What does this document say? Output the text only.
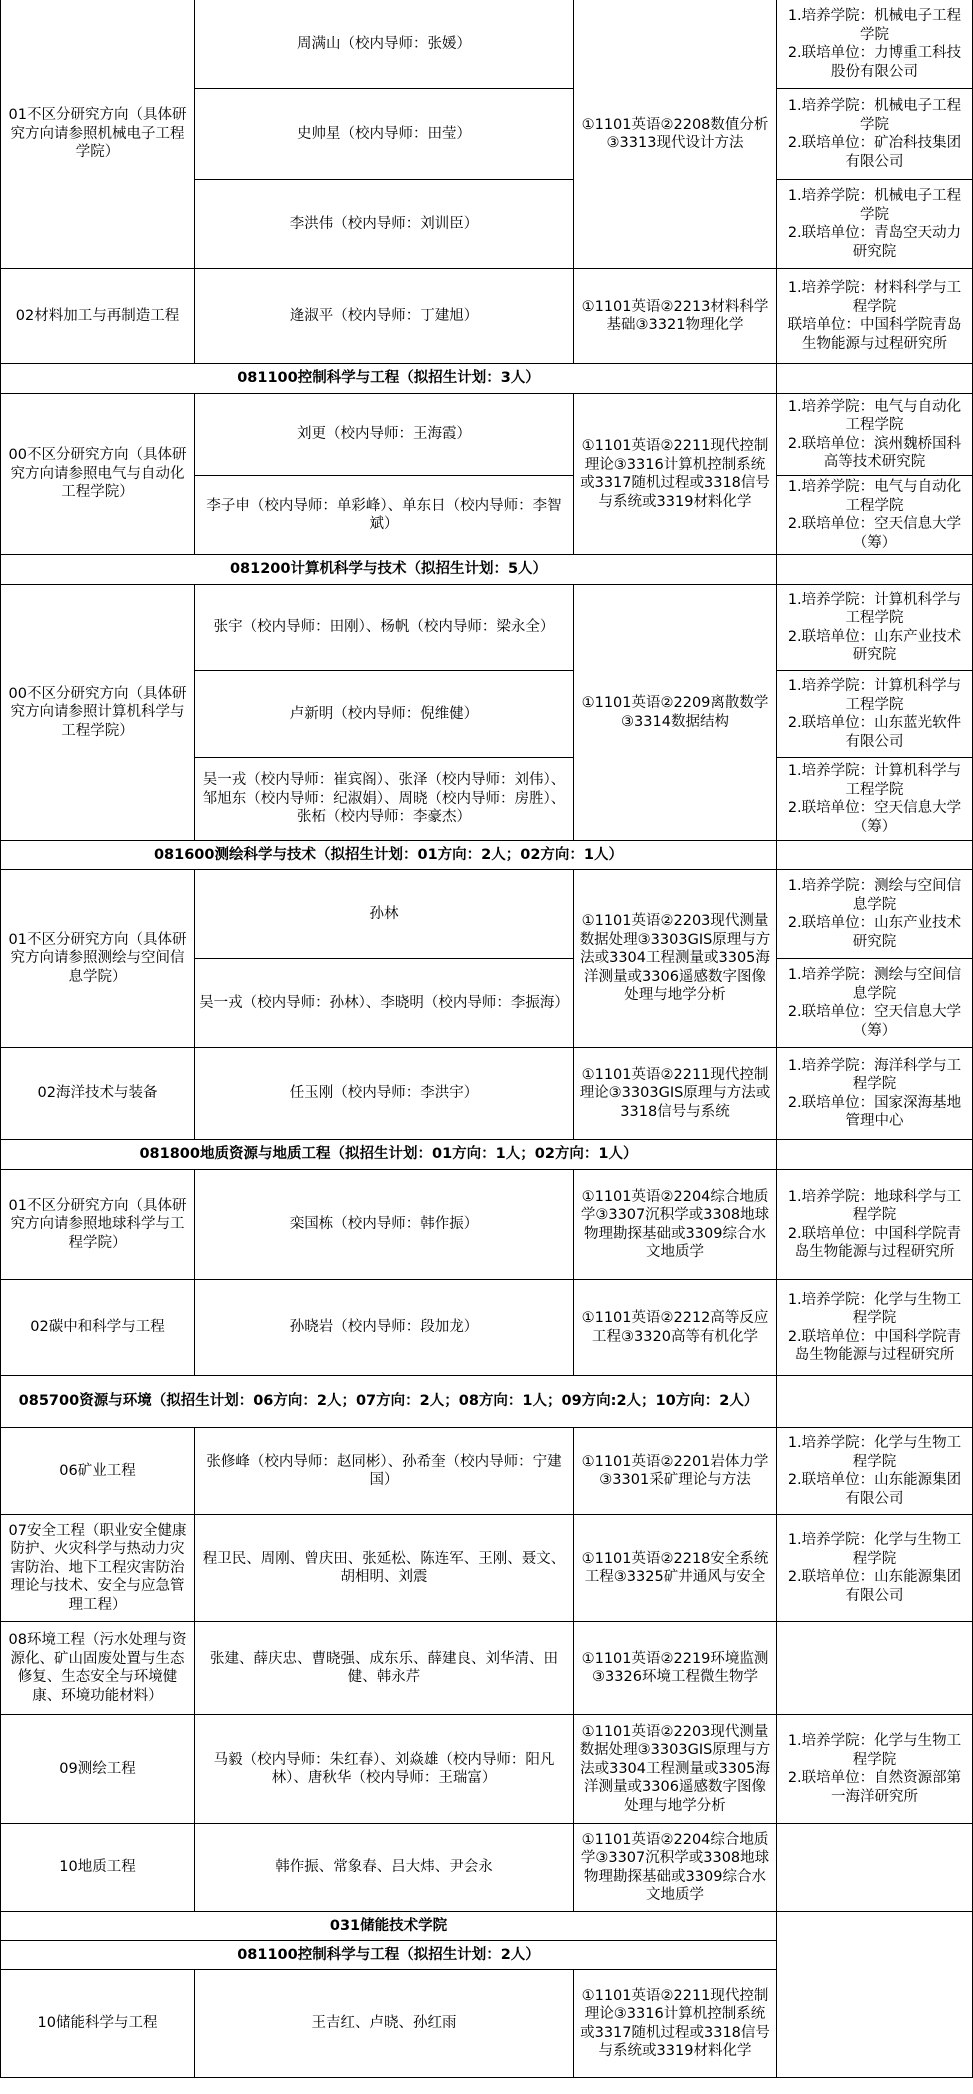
01不区分研究方向（具体研究方向请参照机械电子工程学院）	周满山（校内导师：张媛）	①1101英语②2208数值分析③3313现代设计方法	1.培养学院：机械电子工程学院
2.联培单位：力博重工科技股份有限公司

	史帅星（校内导师：田莹）		1.培养学院：机械电子工程学院
2.联培单位：矿冶科技集团有限公司

	李洪伟（校内导师：刘训臣）		1.培养学院：机械电子工程学院
2.联培单位：青岛空天动力研究院

02材料加工与再制造工程	逄淑平（校内导师：丁建旭）	①1101英语②2213材料科学基础③3321物理化学	1.培养学院：材料科学与工程学院
联培单位：中国科学院青岛生物能源与过程研究所

081100控制科学与工程（拟招生计划：3人）			
00不区分研究方向（具体研究方向请参照电气与自动化工程学院）	刘更（校内导师：王海霞）	①1101英语②2211现代控制理论③3316计算机控制系统或3317随机过程或3318信号与系统或3319材料化学	1.培养学院：电气与自动化工程学院
2.联培单位：滨州魏桥国科高等技术研究院

	李子申（校内导师：单彩峰）、单东日（校内导师：李智斌）		1.培养学院：电气与自动化工程学院
2.联培单位：空天信息大学（筹）

081200计算机科学与技术（拟招生计划：5人）			
00不区分研究方向（具体研究方向请参照计算机科学与工程学院）	张宇（校内导师：田刚）、杨帆（校内导师：梁永全）	①1101英语②2209离散数学③3314数据结构	1.培养学院：计算机科学与工程学院
2.联培单位：山东产业技术研究院

	卢新明（校内导师：倪维健）		1.培养学院：计算机科学与工程学院
2.联培单位：山东蓝光软件有限公司

	吴一戎（校内导师：崔宾阁）、张泽（校内导师：刘伟）、邹旭东（校内导师：纪淑娟）、周晓（校内导师：房胜）、张柘（校内导师：李豪杰）		1.培养学院：计算机科学与工程学院
2.联培单位：空天信息大学（筹）

081600测绘科学与技术（拟招生计划：01方向：2人；02方向：1人）			
01不区分研究方向（具体研究方向请参照测绘与空间信息学院）	孙林	①1101英语②2203现代测量数据处理③3303GIS原理与方法或3304工程测量或3305海洋测量或3306遥感数字图像处理与地学分析	1.培养学院：测绘与空间信息学院
2.联培单位：山东产业技术研究院

	吴一戎（校内导师：孙林）、李晓明（校内导师：李振海）		1.培养学院：测绘与空间信息学院
2.联培单位：空天信息大学（筹）

02海洋技术与装备	任玉刚（校内导师：李洪宇）	①1101英语②2211现代控制理论③3303GIS原理与方法或3318信号与系统	1.培养学院：海洋科学与工程学院
2.联培单位：国家深海基地管理中心

081800地质资源与地质工程（拟招生计划：01方向：1人；02方向：1人）			
01不区分研究方向（具体研究方向请参照地球科学与工程学院）	栾国栋（校内导师：韩作振）	①1101英语②2204综合地质学③3307沉积学或3308地球物理勘探基础或3309综合水文地质学	1.培养学院：地球科学与工程学院
2.联培单位：中国科学院青岛生物能源与过程研究所

02碳中和科学与工程	孙晓岩（校内导师：段加龙）	①1101英语②2212高等反应工程③3320高等有机化学	1.培养学院：化学与生物工程学院
2.联培单位：中国科学院青岛生物能源与过程研究所

085700资源与环境（拟招生计划：06方向：2人；07方向：2人；08方向：1人；09方向:2人；10方向：2人）			
06矿业工程	张修峰（校内导师：赵同彬）、孙希奎（校内导师：宁建国）	①1101英语②2201岩体力学③3301采矿理论与方法	1.培养学院：化学与生物工程学院
2.联培单位：山东能源集团有限公司

07安全工程（职业安全健康防护、火灾科学与热动力灾害防治、地下工程灾害防治理论与技术、安全与应急管理工程）	程卫民、周刚、曾庆田、张延松、陈连军、王刚、聂文、胡相明、刘震	①1101英语②2218安全系统工程③3325矿井通风与安全	1.培养学院：化学与生物工程学院
2.联培单位：山东能源集团有限公司

08环境工程（污水处理与资源化、矿山固废处置与生态修复、生态安全与环境健康、环境功能材料）	张建、薛庆忠、曹晓强、成东乐、薛建良、刘华清、田健、韩永芹	①1101英语②2219环境监测③3326环境工程微生物学	
09测绘工程	马毅（校内导师：朱红春）、刘焱雄（校内导师：阳凡林）、唐秋华（校内导师：王瑞富）	①1101英语②2203现代测量数据处理③3303GIS原理与方法或3304工程测量或3305海洋测量或3306遥感数字图像处理与地学分析	1.培养学院：化学与生物工程学院
2.联培单位：自然资源部第一海洋研究所

10地质工程	韩作振、常象春、吕大炜、尹会永	①1101英语②2204综合地质学③3307沉积学或3308地球物理勘探基础或3309综合水文地质学	
031储能技术学院			
081100控制科学与工程（拟招生计划：2人）			
10储能科学与工程	王吉红、卢晓、孙红雨	①1101英语②2211现代控制理论③3316计算机控制系统或3317随机过程或3318信号与系统或3319材料化学	
